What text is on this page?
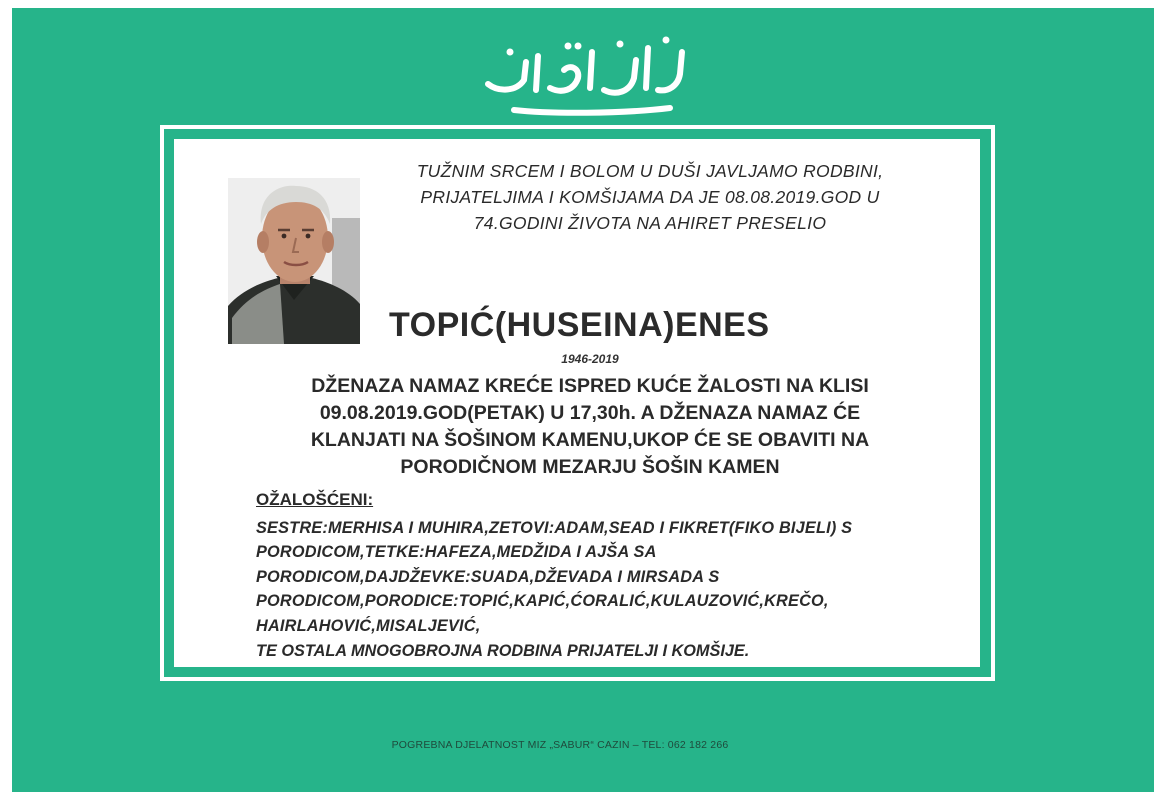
TUŽNIM SRCEM I BOLOM U DUŠI JAVLJAMO RODBINI,
PRIJATELJIMA I KOMŠIJAMA DA JE 08.08.2019.GOD U
74.GODINI ŽIVOTA NA AHIRET PRESELIO
TOPIĆ(HUSEINA)ENES
1946-2019
DŽENAZA NAMAZ KREĆE ISPRED KUĆE ŽALOSTI NA KLISI
09.08.2019.GOD(PETAK) U 17,30h. A DŽENAZA NAMAZ ĆE
KLANJATI NA ŠOŠINOM KAMENU,UKOP ĆE SE OBAVITI NA
PORODIČNOM MEZARJU ŠOŠIN KAMEN
OŽALOŠĆENI:
SESTRE:MERHISA I MUHIRA,ZETOVI:ADAM,SEAD I FIKRET(FIKO BIJELI) S
PORODICOM,TETKE:HAFEZA,MEDŽIDA I AJŠA SA
PORODICOM,DAJDŽEVKE:SUADA,DŽEVADA I MIRSADA S
PORODICOM,PORODICE:TOPIĆ,KAPIĆ,ĆORALIĆ,KULAUZOVIĆ,KREČO,
HAIRLAHOVIĆ,MISALJEVIĆ,
TE OSTALA MNOGOBROJNA RODBINA PRIJATELJI I KOMŠIJE.
POGREBNA DJELATNOST MIZ „SABUR“ CAZIN – TEL: 062 182 266
